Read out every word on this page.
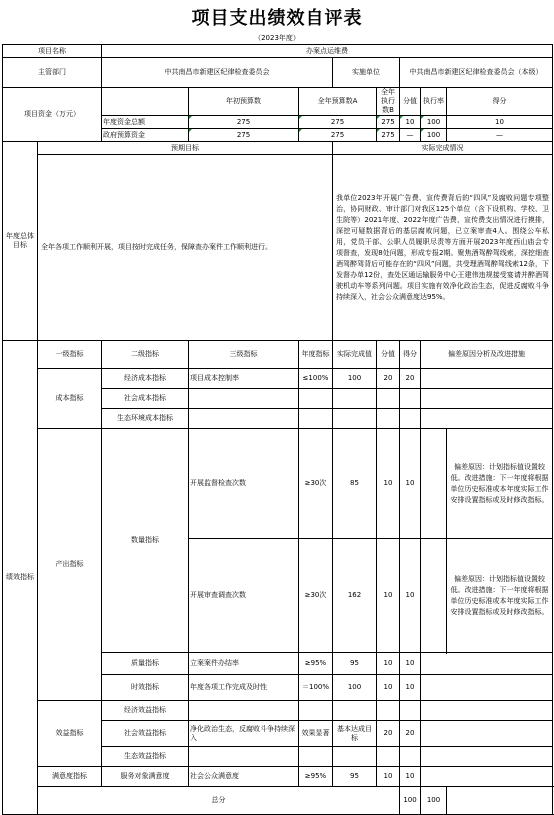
项目支出绩效自评表
（2023年度）
项目名称		办案点运维费							
主管部门		中共南昌市新建区纪律检查委员会			实施单位		中共南昌市新建区纪律检查委员会（本级）		
项目资金（万元）			年初预算数	全年预算数A		全年执行数B	分值	执行率	得分
		年度资金总额	275	275		275	10	100	10
		政府预算资金	275	275		275	—	100	—
年度总体目标	预期目标				实际完成情况				
	全年各项工作顺利开展，项目按时完成任务，保障查办案件工作顺利进行。				我单位2023年开展广告费、宣传费背后的“四风”及腐败问题专项整治，协同财政、审计部门对我区125个单位（含下设机构、学校、卫生院等）2021年度、2022年度广告费、宣传费支出情况进行摸排，深挖可疑数据背后的基层腐败问题，已立案审查4人。围绕公车私用，党员干部、公职人员履职尽责等方面开展2023年度西山庙会专项督查，发现8处问题，形成专报2期。聚焦酒驾醉驾线索，深挖细查酒驾醉驾背后可能存在的“四风”问题，共受理酒驾醉驾线索12条，下发督办单12份，查处区通运输服务中心王建伟违规接受宴请并醉酒驾驶机动车等系列问题。项目实施有效净化政治生态，促进反腐败斗争持续深入，社会公众满意度达95%。				
绩效指标	一级指标	二级指标	三级指标	年度指标	实际完成值	分值	得分	偏差原因分析及改进措施	
	成本指标	经济成本指标	项目成本控制率	≤100%	100	20	20		
		社会成本指标							
		生态环境成本指标							
	产出指标	数量指标	开展监督检查次数	≥30次	85	10	10		偏差原因：计划指标值设置较低。改进措施：下一年度将根据单位历史标准或本年度实际工作安排设置指标或及时修改指标。

			开展审查调查次数	≥30次	162	10	10		偏差原因：计划指标值设置较低。改进措施：下一年度将根据单位历史标准或本年度实际工作安排设置指标或及时修改指标。

		质量指标	立案案件办结率	≥95%	95	10	10		
		时效指标	年度各项工作完成及时性	＝100%	100	10	10		
	效益指标	经济效益指标							
		社会效益指标	净化政治生态，反腐败斗争持续深入	效果显著	基本达成目标	20	20		
		生态效益指标							
	满意度指标	服务对象满意度	社会公众满意度	≥95%	95	10	10		

	总分						100	100	
